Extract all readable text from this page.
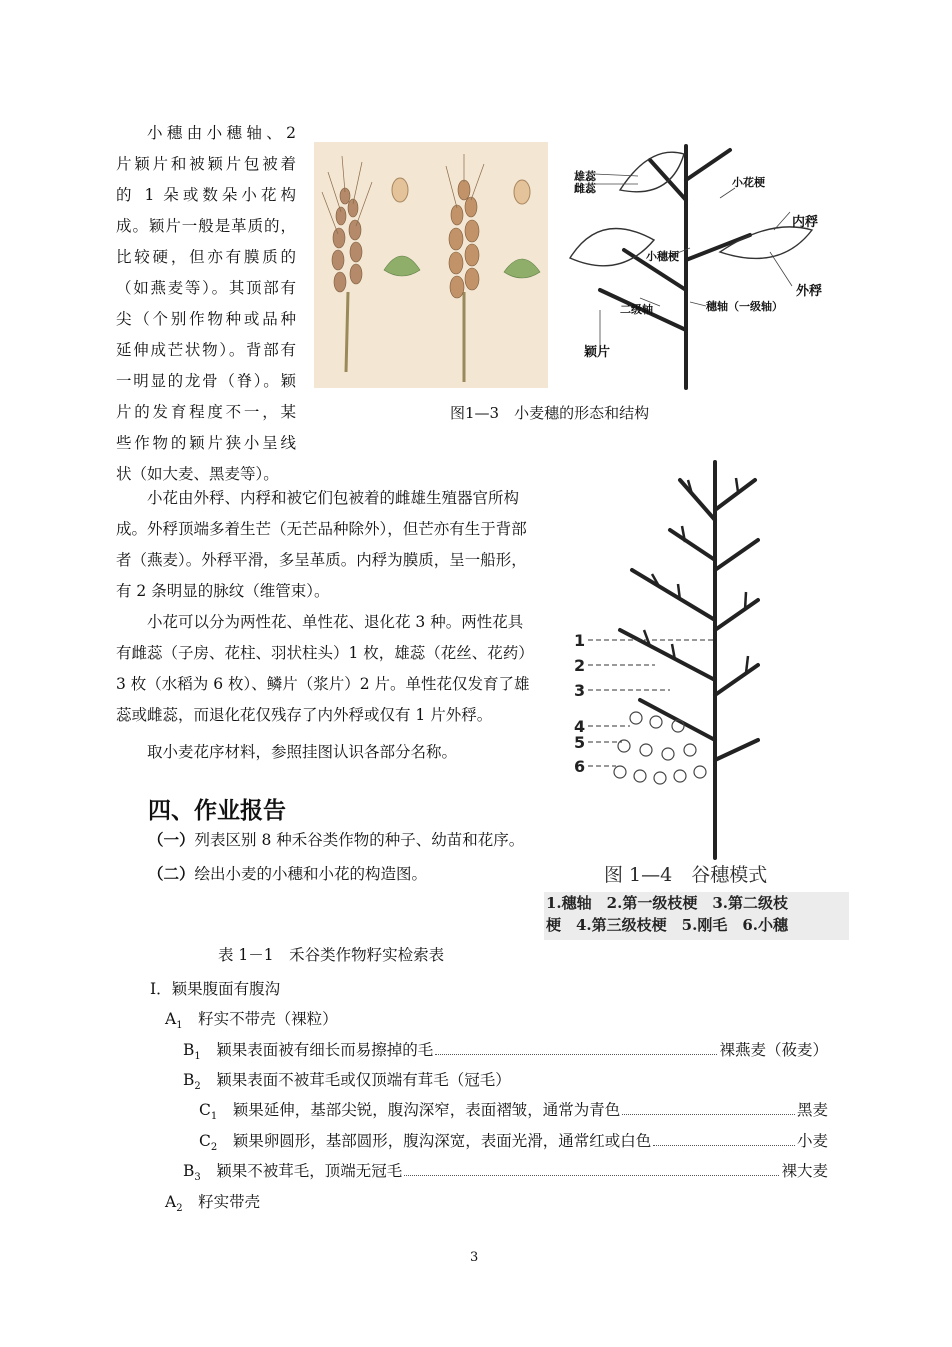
小穗由小穗轴、2

片颖片和被颖片包被着

的 1 朵或数朵小花构

成。颖片一般是革质的，

比较硬，但亦有膜质的

（如燕麦等）。其顶部有

尖（个别作物种或品种

延伸成芒状物）。背部有

一明显的龙骨（脊）。颖

片的发育程度不一，某

些作物的颖片狭小呈线

状（如大麦、黑麦等）。

雄蕊
雌蕊	小花梗
内稃
外稃
小穗梗
二级轴	穗轴（一级轴）
颖片
图1—3　小麦穗的形态和结构

小花由外稃、内稃和被它们包被着的雌雄生殖器官所构成。外稃顶端多着生芒（无芒品种除外），但芒亦有生于背部者（燕麦）。外稃平滑，多呈革质。内稃为膜质，呈一船形，有 2 条明显的脉纹（维管束）。

小花可以分为两性花、单性花、退化花 3 种。两性花具有雌蕊（子房、花柱、羽状柱头）1 枚，雄蕊（花丝、花药）3 枚（水稻为 6 枚）、鳞片（浆片）2 片。单性花仅发育了雄蕊或雌蕊，而退化花仅残存了内外稃或仅有 1 片外稃。

取小麦花序材料，参照挂图认识各部分名称。

1
2
3
4
5
6
图 1—4　谷穗模式
1.穗轴　2.第一级枝梗　3.第二级枝
梗　4.第三级枝梗　5.刚毛　6.小穗
四、作业报告
（一）列表区别 8 种禾谷类作物的种子、幼苗和花序。
（二）绘出小麦的小穗和小花的构造图。
表 1－1　禾谷类作物籽实检索表
I．颖果腹面有腹沟
$A_1$　 籽实不带壳（裸粒）
$B_1$　	颖果表面被有细长而易擦掉的毛	裸燕麦（莜麦）
$B_2$　 颖果表面不被茸毛或仅顶端有茸毛（冠毛）
$C_1$　	颖果延伸，基部尖锐，腹沟深窄，表面褶皱，通常为青色	黑麦
$C_2$　	颖果卵圆形，基部圆形，腹沟深宽，表面光滑，通常红或白色	小麦
$B_3$　	颖果不被茸毛，顶端无冠毛	裸大麦
$A_2$　 籽实带壳
3
